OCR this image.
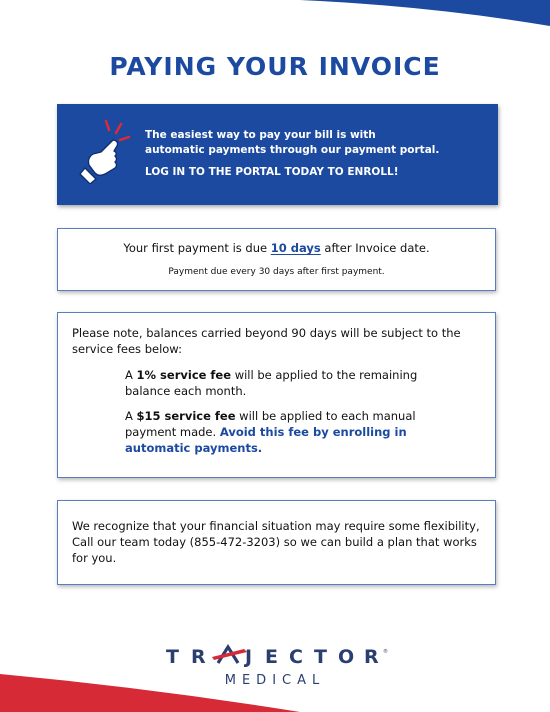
PAYING YOUR INVOICE
The easiest way to pay your bill is with
automatic payments through our payment portal.
LOG IN TO THE PORTAL TODAY TO ENROLL!
Your first payment is due 10 days after Invoice date.
Payment due every 30 days after first payment.

Please note, balances carried beyond 90 days will be subject to the service fees below:

A 1% service fee will be applied to the remaining balance each month.

A $15 service fee will be applied to each manual payment made. Avoid this fee by enrolling in automatic payments.

We recognize that your financial situation may require some flexibility, Call our team today (855-472-3203) so we can build a plan that works for you.

T R J E C T O R ®
MEDICAL
